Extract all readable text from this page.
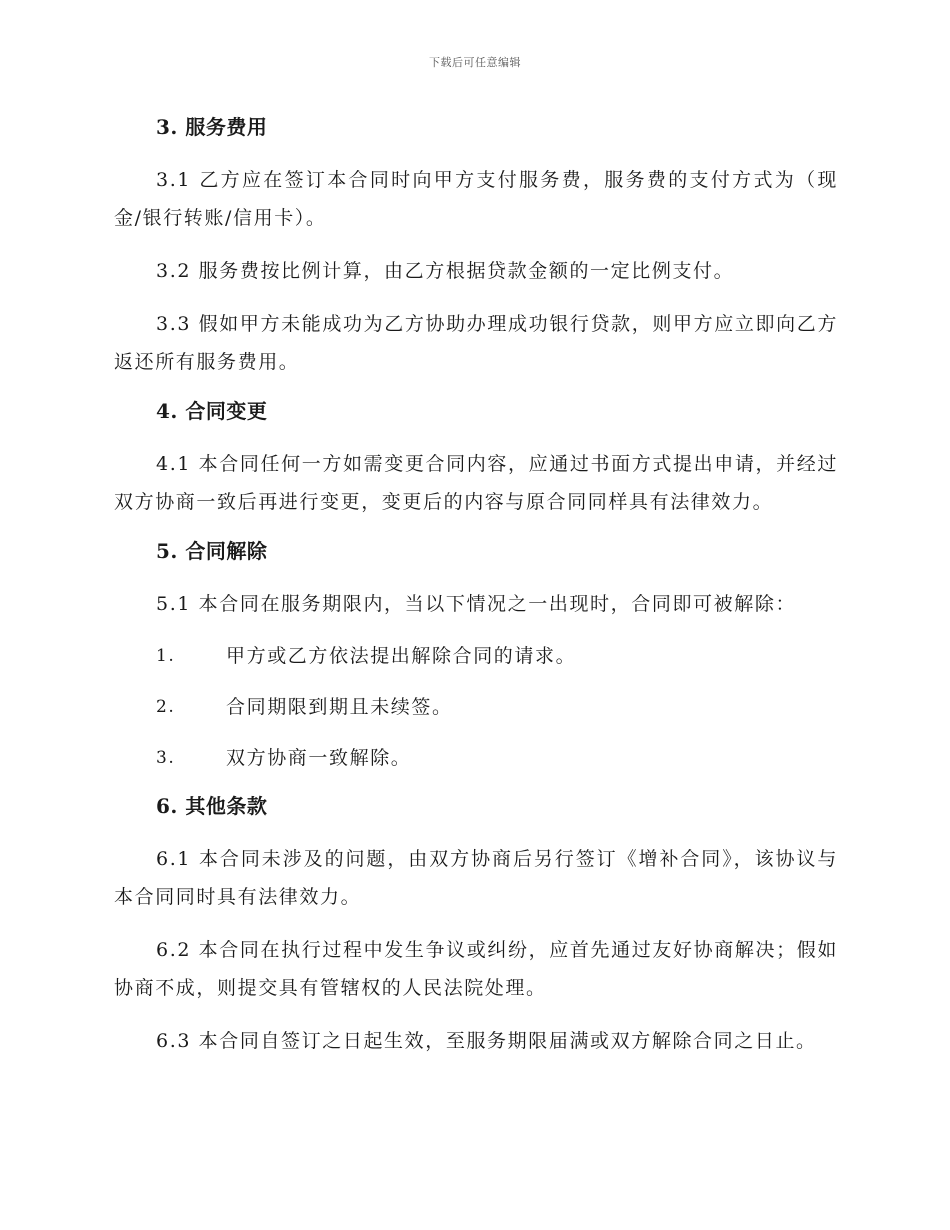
下载后可任意编辑
3. 服务费用

3.1 乙方应在签订本合同时向甲方支付服务费，服务费的支付方式为（现金/银行转账/信用卡）。

3.2 服务费按比例计算，由乙方根据贷款金额的一定比例支付。

3.3 假如甲方未能成功为乙方协助办理成功银行贷款，则甲方应立即向乙方返还所有服务费用。

4. 合同变更

4.1 本合同任何一方如需变更合同内容，应通过书面方式提出申请，并经过双方协商一致后再进行变更，变更后的内容与原合同同样具有法律效力。

5. 合同解除

5.1 本合同在服务期限内，当以下情况之一出现时，合同即可被解除：

1.	甲方或乙方依法提出解除合同的请求。
2.	合同期限到期且未续签。
3.	双方协商一致解除。
6. 其他条款

6.1 本合同未涉及的问题，由双方协商后另行签订《增补合同》，该协议与本合同同时具有法律效力。

6.2 本合同在执行过程中发生争议或纠纷，应首先通过友好协商解决；假如协商不成，则提交具有管辖权的人民法院处理。

6.3 本合同自签订之日起生效，至服务期限届满或双方解除合同之日止。
